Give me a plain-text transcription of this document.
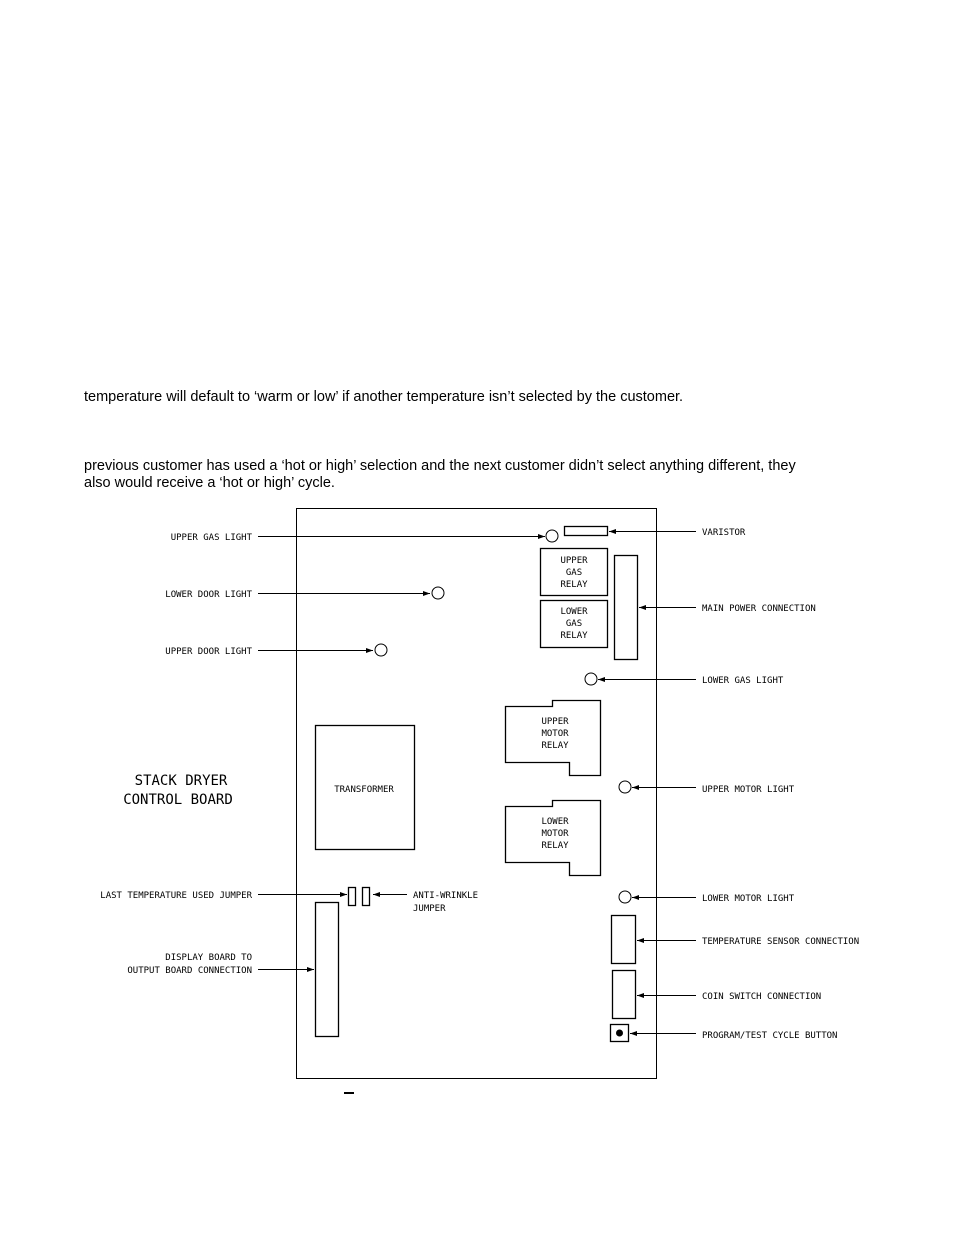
temperature will default to ‘warm or low’ if another temperature isn’t selected by the customer.

previous customer has used a ‘hot or high’ selection and the next customer didn’t select anything different, they

also would receive a ‘hot or high’ cycle.

STACK DRYER
CONTROL BOARD
UPPER GAS LIGHT
LOWER DOOR LIGHT
UPPER DOOR LIGHT
LAST TEMPERATURE USED JUMPER
DISPLAY BOARD TO
OUTPUT BOARD CONNECTION
VARISTOR
MAIN POWER CONNECTION
LOWER GAS LIGHT
UPPER MOTOR LIGHT
LOWER MOTOR LIGHT
TEMPERATURE SENSOR CONNECTION
COIN SWITCH CONNECTION
PROGRAM/TEST CYCLE BUTTON
ANTI-WRINKLE
JUMPER
UPPER
GAS
RELAY
LOWER
GAS
RELAY
TRANSFORMER
UPPER
MOTOR
RELAY
LOWER
MOTOR
RELAY
